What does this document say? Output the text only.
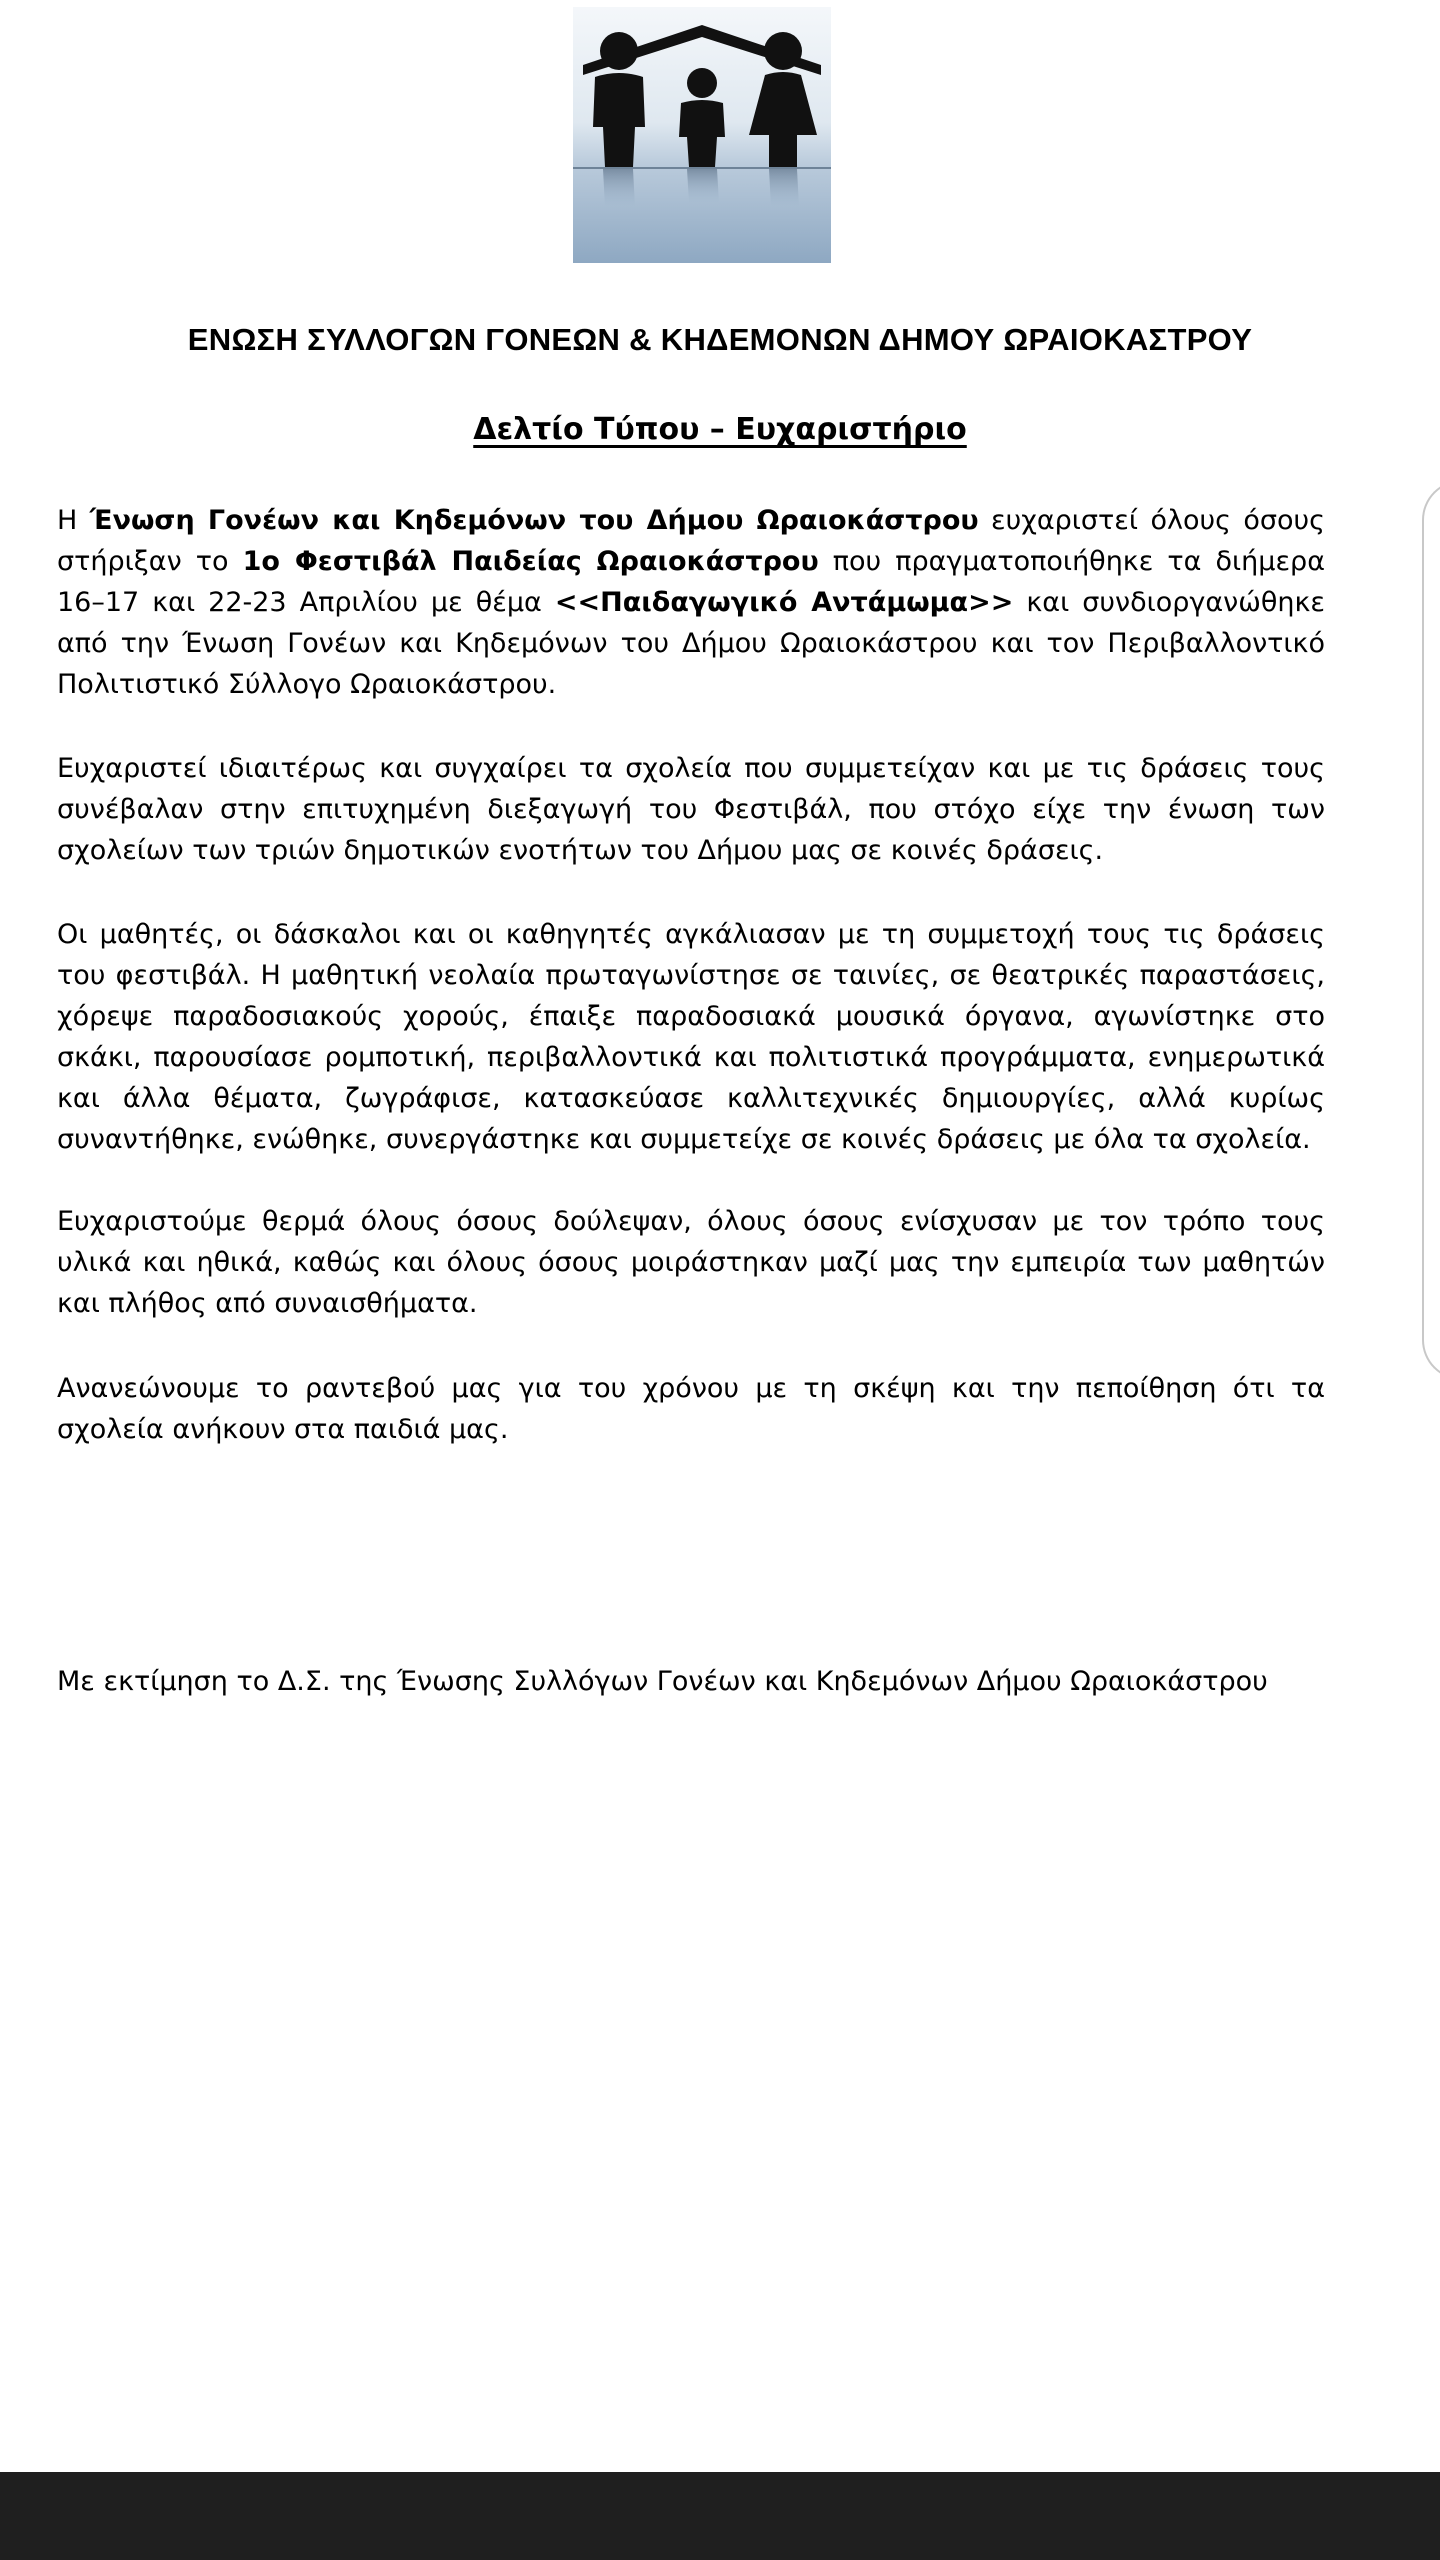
ΕΝΩΣΗ ΣΥΛΛΟΓΩΝ ΓΟΝΕΩΝ & ΚΗΔΕΜΟΝΩΝ ΔΗΜΟΥ ΩΡΑΙΟΚΑΣΤΡΟΥ
Δελτίο Τύπου – Ευχαριστήριο

Η Ένωση Γονέων και Κηδεμόνων του Δήμου Ωραιοκάστρου ευχαριστεί όλους όσους στήριξαν το 1ο Φεστιβάλ Παιδείας Ωραιοκάστρου που πραγματοποιήθηκε τα διήμερα 16–17 και 22-23 Απριλίου με θέμα <<Παιδαγωγικό Αντάμωμα>> και συνδιοργανώθηκε από την Ένωση Γονέων και Κηδεμόνων του Δήμου Ωραιοκάστρου και τον Περιβαλλοντικό Πολιτιστικό Σύλλογο Ωραιοκάστρου.

Ευχαριστεί ιδιαιτέρως και συγχαίρει τα σχολεία που συμμετείχαν και με τις δράσεις τους συνέβαλαν στην επιτυχημένη διεξαγωγή του Φεστιβάλ, που στόχο είχε την ένωση των σχολείων των τριών δημοτικών ενοτήτων του Δήμου μας σε κοινές δράσεις.

Οι μαθητές, οι δάσκαλοι και οι καθηγητές αγκάλιασαν με τη συμμετοχή τους τις δράσεις του φεστιβάλ. Η μαθητική νεολαία πρωταγωνίστησε σε ταινίες, σε θεατρικές παραστάσεις, χόρεψε παραδοσιακούς χορούς, έπαιξε παραδοσιακά μουσικά όργανα, αγωνίστηκε στο σκάκι, παρουσίασε ρομποτική, περιβαλλοντικά και πολιτιστικά προγράμματα, ενημερωτικά και άλλα θέματα, ζωγράφισε, κατασκεύασε καλλιτεχνικές δημιουργίες, αλλά κυρίως συναντήθηκε, ενώθηκε, συνεργάστηκε και συμμετείχε σε κοινές δράσεις με όλα τα σχολεία.

Ευχαριστούμε θερμά όλους όσους δούλεψαν, όλους όσους ενίσχυσαν με τον τρόπο τους υλικά και ηθικά, καθώς και όλους όσους μοιράστηκαν μαζί μας την εμπειρία των μαθητών και πλήθος από συναισθήματα.

Ανανεώνουμε το ραντεβού μας για του χρόνου με τη σκέψη και την πεποίθηση ότι τα σχολεία ανήκουν στα παιδιά μας.

Με εκτίμηση το Δ.Σ. της Ένωσης Συλλόγων Γονέων και Κηδεμόνων Δήμου Ωραιοκάστρου
